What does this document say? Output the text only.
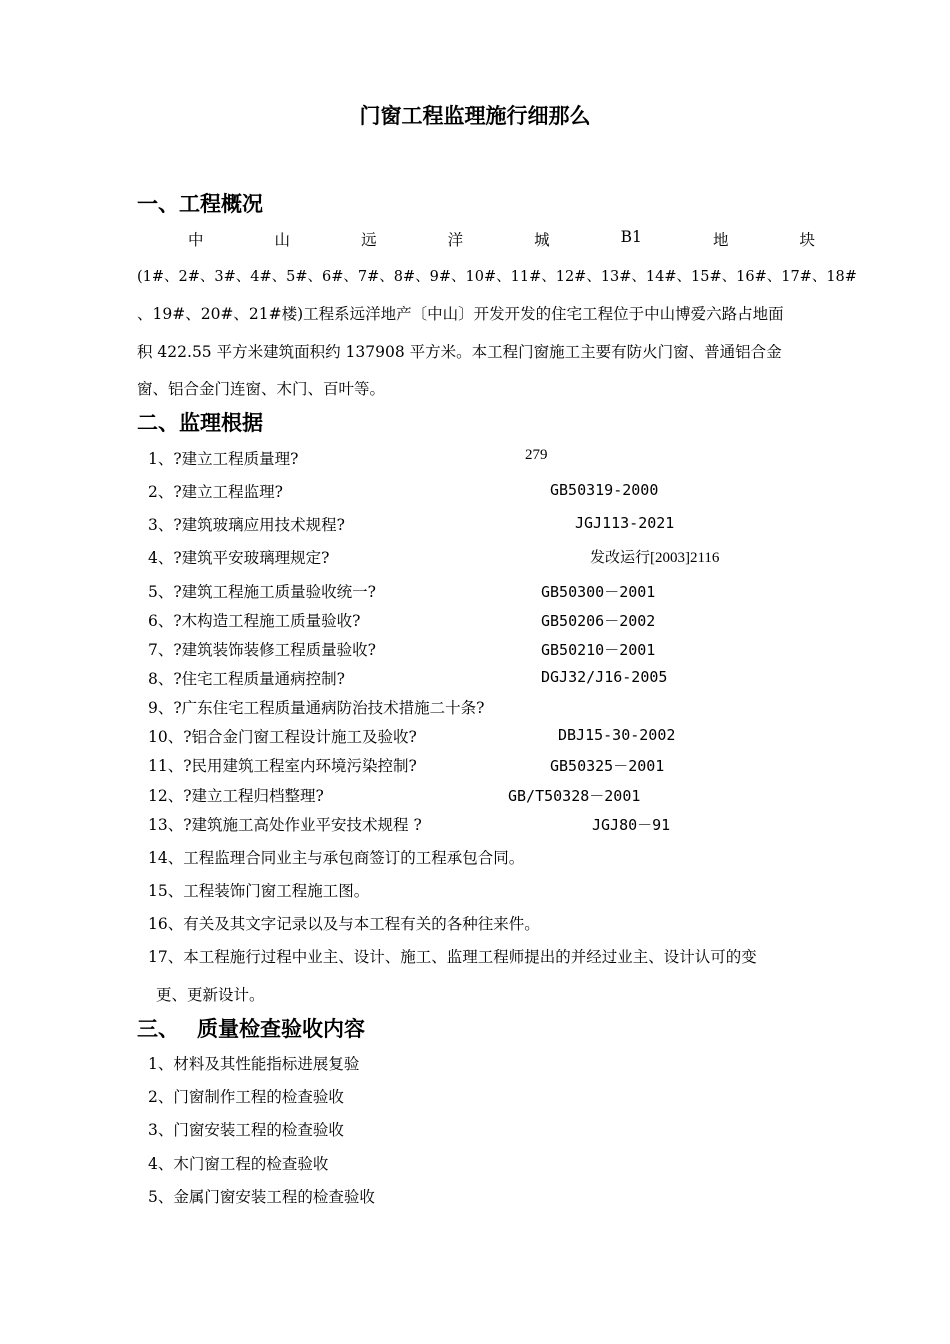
门窗工程监理施行细那么
一、工程概况
中	山	远	洋	城	B1	地	块
(1#、2#、3#、4#、5#、6#、7#、8#、9#、10#、11#、12#、13#、14#、15#、16#、17#、18#
、19#、20#、21#楼)工程系远洋地产〔中山〕开发开发的住宅工程位于中山博爱六路占地面
积 422.55 平方米建筑面积约 137908 平方米。本工程门窗施工主要有防火门窗、普通铝合金
窗、铝合金门连窗、木门、百叶等。
二、监理根据
1、?建立工程质量理?	279
2、?建立工程监理?	GB50319-2000
3、?建筑玻璃应用技术规程?	JGJ113-2021
4、?建筑平安玻璃理规定?	发改运行[2003]2116
5、?建筑工程施工质量验收统一?	GB50300－2001
6、?木构造工程施工质量验收?	GB50206－2002
7、?建筑装饰装修工程质量验收?	GB50210－2001
8、?住宅工程质量通病控制?	DGJ32/J16-2005
9、?广东住宅工程质量通病防治技术措施二十条?
10、?铝合金门窗工程设计施工及验收?	DBJ15-30-2002
11、?民用建筑工程室内环境污染控制?	GB50325－2001
12、?建立工程归档整理?	GB/T50328－2001
13、?建筑施工高处作业平安技术规程 ?	JGJ80－91
14、工程监理合同业主与承包商签订的工程承包合同。
15、工程装饰门窗工程施工图。
16、有关及其文字记录以及与本工程有关的各种往来件。
17、本工程施行过程中业主、设计、施工、监理工程师提出的并经过业主、设计认可的变
更、更新设计。
三、 质量检查验收内容
1、材料及其性能指标进展复验
2、门窗制作工程的检查验收
3、门窗安装工程的检查验收
4、木门窗工程的检查验收
5、金属门窗安装工程的检查验收
